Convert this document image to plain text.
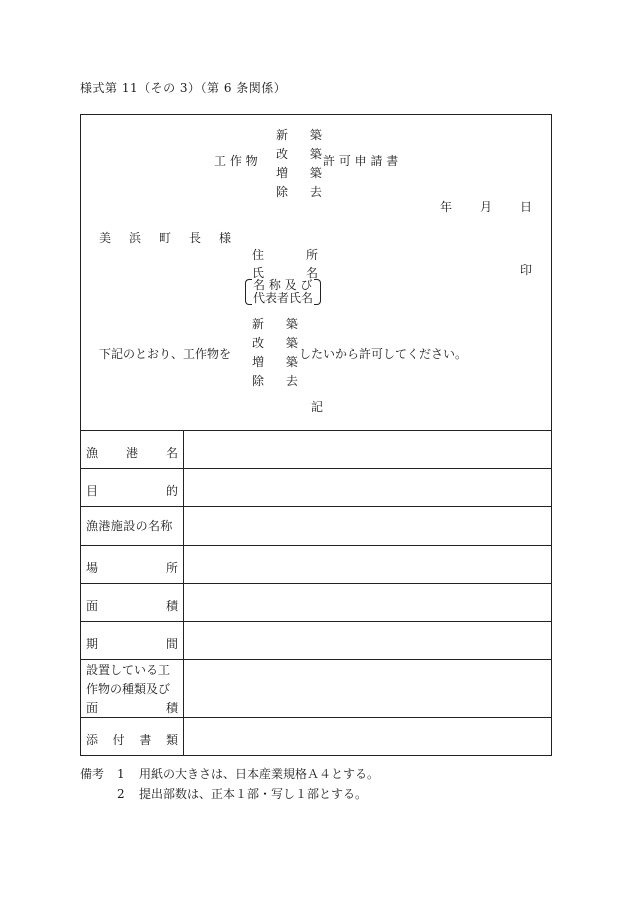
様式第 11（その 3）（第 6 条関係）
工 作 物
新 築
改 築
増 築
除 去
許 可 申 請 書
年 月 日
美 浜 町 長 様
住	所
氏	名
名 称 及 び
代表者氏名
印
下記のとおり、工作物を
新 築
改 築
増 築
除 去
したいから許可してください。
記
漁 港 名
目	的
漁港施設の名称
場	所
面	積
期	間
設置している工
作物の種類及び
面	積
添 付 書 類
備考 1 用紙の大きさは、日本産業規格Ａ４とする。
2 提出部数は、正本１部・写し１部とする。
